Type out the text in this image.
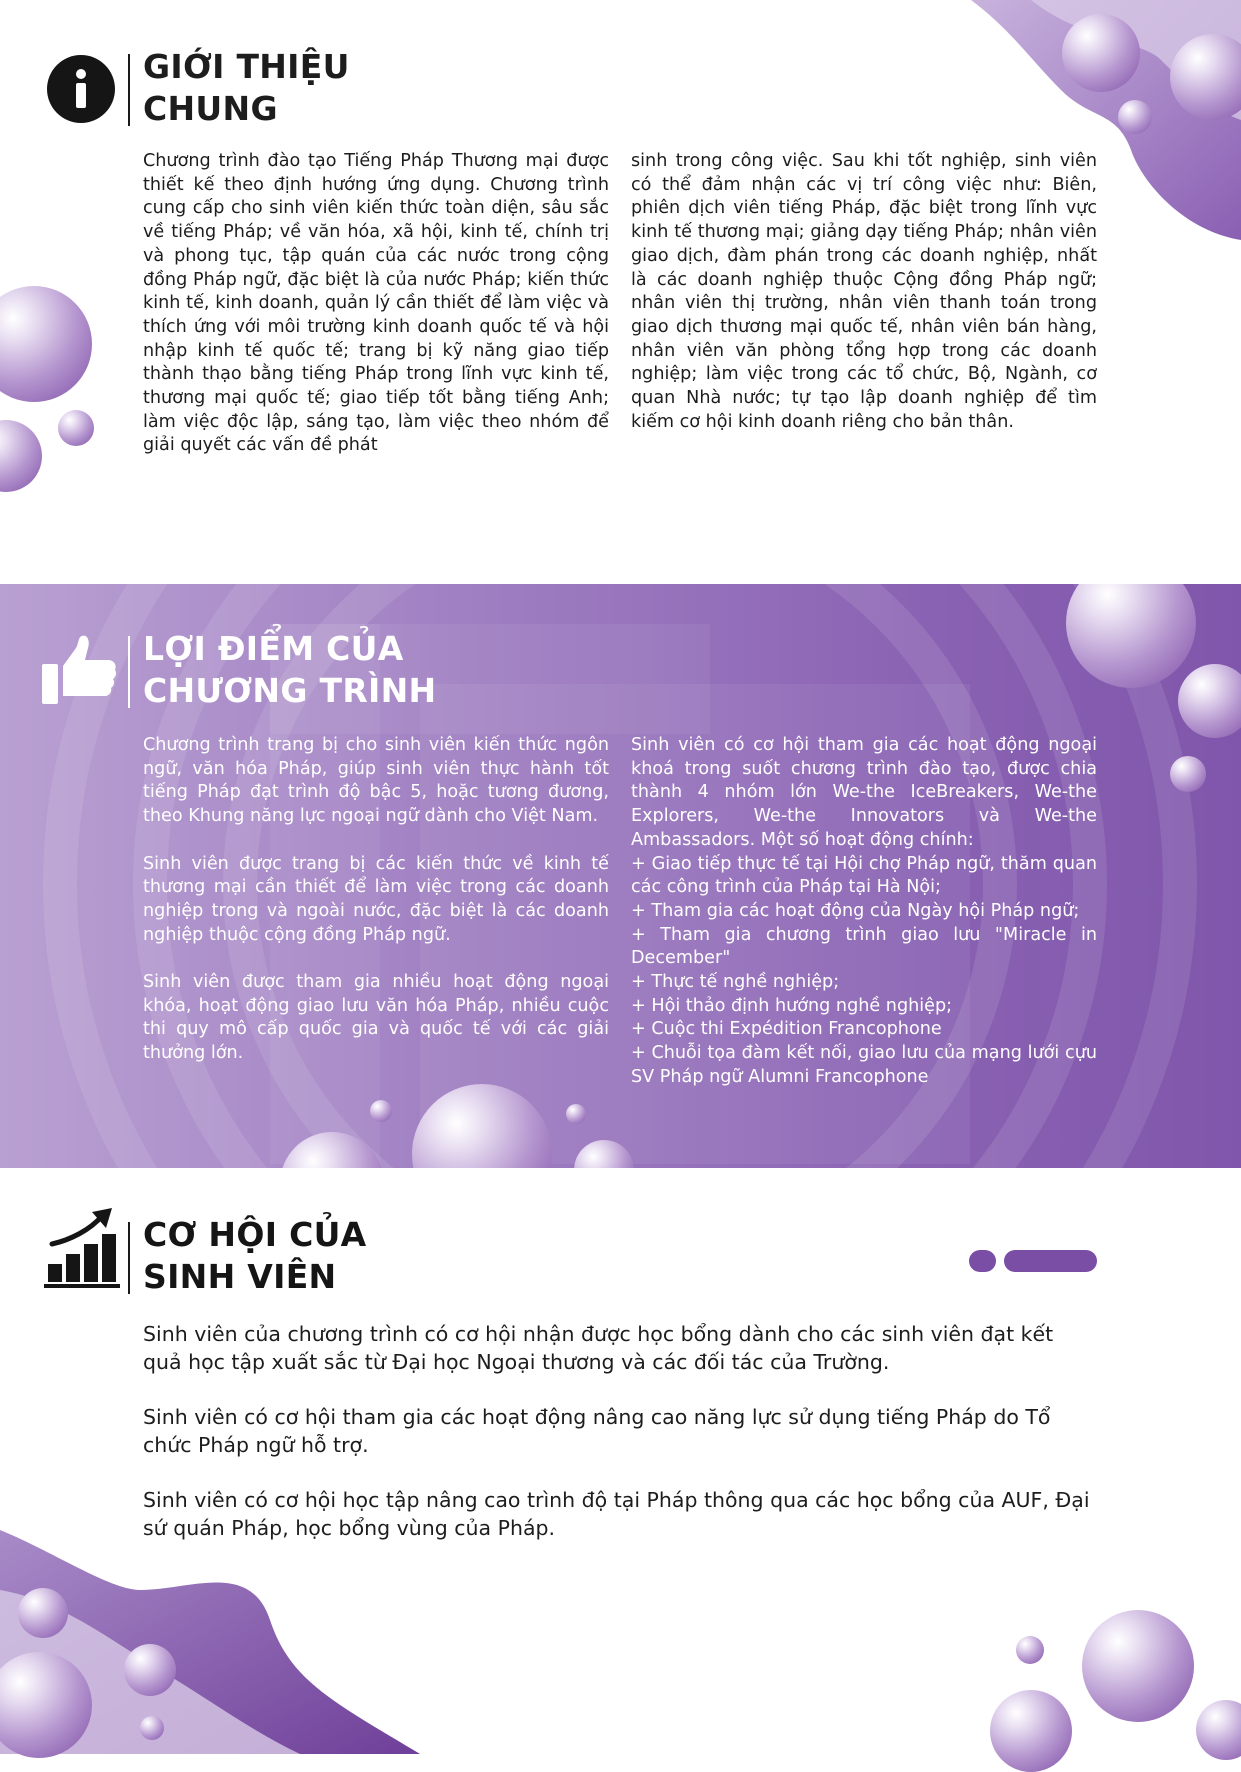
GIỚI THIỆU
CHUNG

Chương trình đào tạo Tiếng Pháp Thương mại được thiết kế theo định hướng ứng dụng. Chương trình cung cấp cho sinh viên kiến thức toàn diện, sâu sắc về tiếng Pháp; về văn hóa, xã hội, kinh tế, chính trị và phong tục, tập quán của các nước trong cộng đồng Pháp ngữ, đặc biệt là của nước Pháp; kiến thức kinh tế, kinh doanh, quản lý cần thiết để làm việc và thích ứng với môi trường kinh doanh quốc tế và hội nhập kinh tế quốc tế; trang bị kỹ năng giao tiếp thành thạo bằng tiếng Pháp trong lĩnh vực kinh tế, thương mại quốc tế; giao tiếp tốt bằng tiếng Anh; làm việc độc lập, sáng tạo, làm việc theo nhóm để giải quyết các vấn đề phát

sinh trong công việc. Sau khi tốt nghiệp, sinh viên có thể đảm nhận các vị trí công việc như: Biên, phiên dịch viên tiếng Pháp, đặc biệt trong lĩnh vực kinh tế thương mại; giảng dạy tiếng Pháp; nhân viên giao dịch, đàm phán trong các doanh nghiệp, nhất là các doanh nghiệp thuộc Cộng đồng Pháp ngữ; nhân viên thị trường, nhân viên thanh toán trong giao dịch thương mại quốc tế, nhân viên bán hàng, nhân viên văn phòng tổng hợp trong các doanh nghiệp; làm việc trong các tổ chức, Bộ, Ngành, cơ quan Nhà nước; tự tạo lập doanh nghiệp để tìm kiếm cơ hội kinh doanh riêng cho bản thân.

LỢI ĐIỂM CỦA
CHƯƠNG TRÌNH

Chương trình trang bị cho sinh viên kiến thức ngôn ngữ, văn hóa Pháp, giúp sinh viên thực hành tốt tiếng Pháp đạt trình độ bậc 5, hoặc tương đương, theo Khung năng lực ngoại ngữ dành cho Việt Nam.

Sinh viên được trang bị các kiến thức về kinh tế thương mại cần thiết để làm việc trong các doanh nghiệp trong và ngoài nước, đặc biệt là các doanh nghiệp thuộc cộng đồng Pháp ngữ.

Sinh viên được tham gia nhiều hoạt động ngoại khóa, hoạt động giao lưu văn hóa Pháp, nhiều cuộc thi quy mô cấp quốc gia và quốc tế với các giải thưởng lớn.

Sinh viên có cơ hội tham gia các hoạt động ngoại khoá trong suốt chương trình đào tạo, được chia thành 4 nhóm lớn We-the IceBreakers, We-the Explorers, We-the Innovators và We-the Ambassadors. Một số hoạt động chính:
+ Giao tiếp thực tế tại Hội chợ Pháp ngữ, thăm quan các công trình của Pháp tại Hà Nội;
+ Tham gia các hoạt động của Ngày hội Pháp ngữ;
+ Tham gia chương trình giao lưu "Miracle in December"
+ Thực tế nghề nghiệp;
+ Hội thảo định hướng nghề nghiệp;
+ Cuộc thi Expédition Francophone
+ Chuỗi tọa đàm kết nối, giao lưu của mạng lưới cựu SV Pháp ngữ Alumni Francophone
CƠ HỘI CỦA
SINH VIÊN

Sinh viên của chương trình có cơ hội nhận được học bổng dành cho các sinh viên đạt kết quả học tập xuất sắc từ Đại học Ngoại thương và các đối tác của Trường.

Sinh viên có cơ hội tham gia các hoạt động nâng cao năng lực sử dụng tiếng Pháp do Tổ chức Pháp ngữ hỗ trợ.

Sinh viên có cơ hội học tập nâng cao trình độ tại Pháp thông qua các học bổng của AUF, Đại sứ quán Pháp, học bổng vùng của Pháp.
